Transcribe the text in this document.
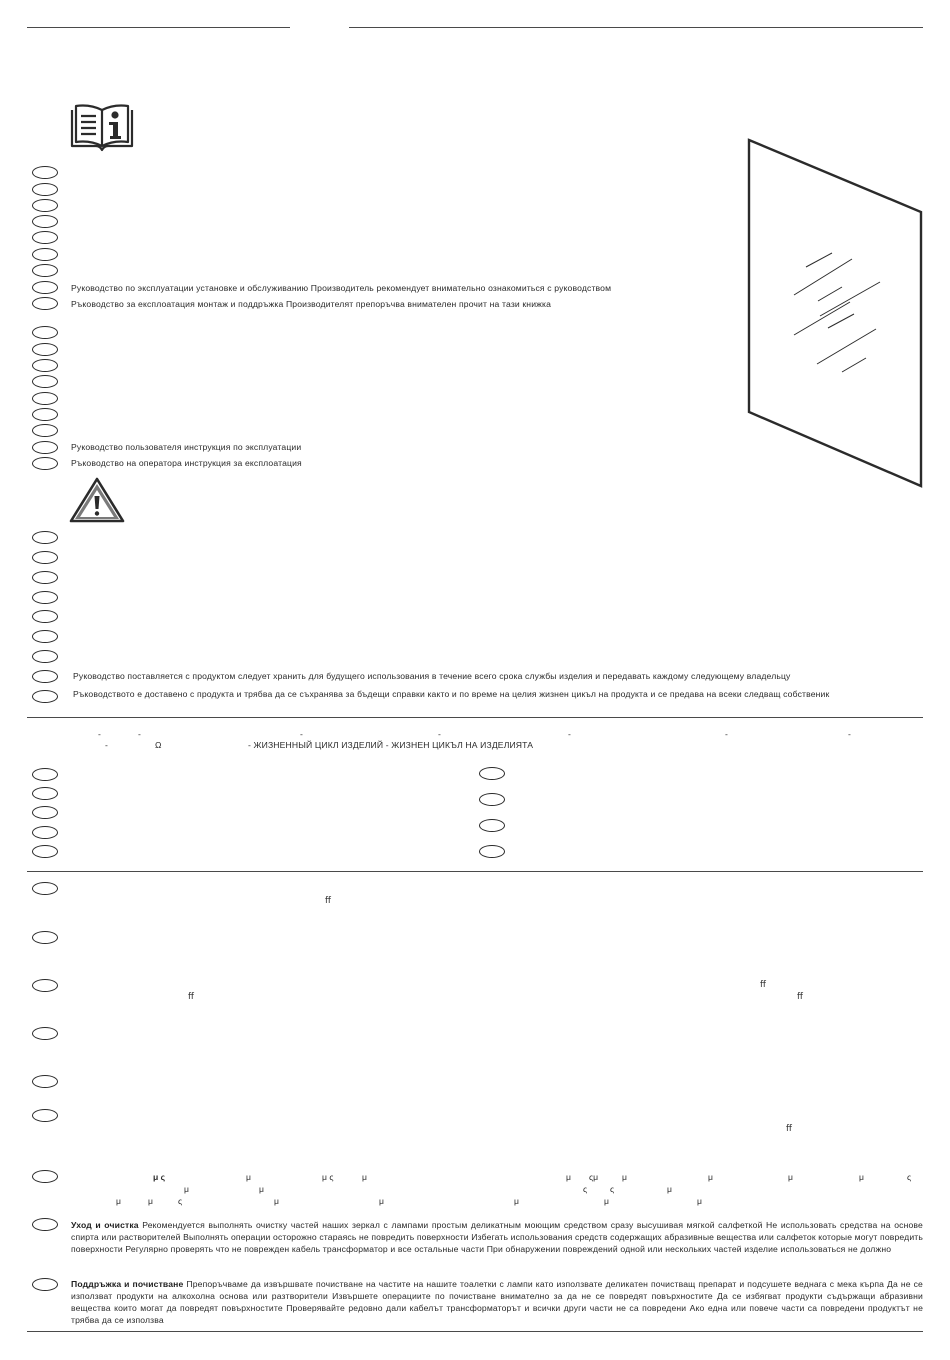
Руководство по эксплуатации установке и обслуживанию Производитель рекомендует внимательно ознакомиться с руководством
Ръководство за експлоатация монтаж и поддръжка Производителят препоръчва внимателен прочит на тази книжка
Руководство пользователя инструкция по эксплуатации
Ръководство на оператора инструкция за експлоатация
Руководство поставляется с продуктом следует хранить для будущего использования в течение всего срока службы изделия и передавать каждому следующему владельцу
Ръководството е доставено с продукта и трябва да се съхранява за бъдещи справки както и по време на целия жизнен цикъл на продукта и се предава на всеки следващ собственик
-	-	-	-	-	-	-
-	Ω	- ЖИЗНЕННЫЙ ЦИКЛ ИЗДЕЛИЙ - ЖИЗНЕН ЦИКЪЛ НА ИЗДЕЛИЯТА
ﬀ
ﬀ
ﬀ	ﬀ
ﬀ
μ ς	μ	μ ς	μ	μ ςμ	μ	μ	μ	μ	ς
μ	μ	ς	ς	μ
μ	μ	ς	μ	μ	μ	μ	μ
Уход и очистка Рекомендуется выполнять очистку частей наших зеркал с лампами простым деликатным моющим средством сразу высушивая мягкой салфеткой Не использовать средства на основе спирта или растворителей Выполнять операции осторожно стараясь не повредить поверхности Избегать использования средств содержащих абразивные вещества или салфеток которые могут повредить поверхности Регулярно проверять что не поврежден кабель трансформатор и все остальные части При обнаружении повреждений одной или нескольких частей изделие использоваться не должно
Поддръжка и почистване Препоръчваме да извършвате почистване на частите на нашите тоалетки с лампи като използвате деликатен почистващ препарат и подсушете веднага с мека кърпа Да не се използват продукти на алкохолна основа или разтворители Извършете операциите по почистване внимателно за да не се повредят повърхностите Да се избягват продукти съдържащи абразивни вещества които могат да повредят повърхностите Проверявайте редовно дали кабелът трансформаторът и всички други части не са повредени Ако една или повече части са повредени продуктът не трябва да се използва
